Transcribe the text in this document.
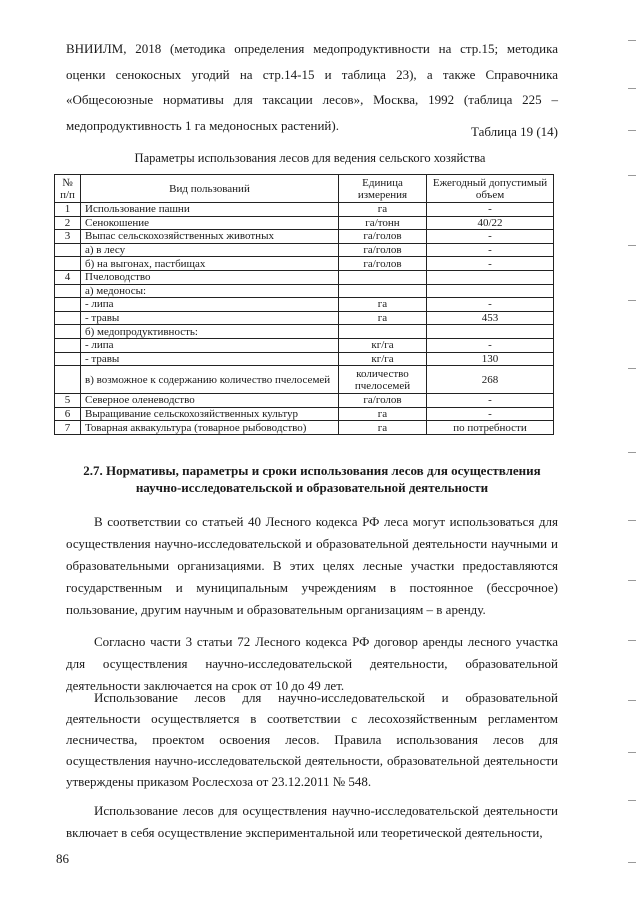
ВНИИЛМ, 2018 (методика определения медопродуктивности на стр.15; методика оценки сенокосных угодий на стр.14-15 и таблица 23), а также Справочника «Общесоюзные нормативы для таксации лесов», Москва, 1992 (таблица 225 – медопродуктивность 1 га медоносных растений).	Таблица 19 (14)
Параметры использования лесов для ведения сельского хозяйства
№ п/п	Вид пользований	Единица измерения	Ежегодный допустимый объем
1	Использование пашни	га	-
2	Сенокошение	га/тонн	40/22
3	Выпас сельскохозяйственных животных	га/голов	-
	а) в лесу	га/голов	-
	б) на выгонах, пастбищах	га/голов	-
4	Пчеловодство		
	а) медоносы:		
	- липа	га	-
	- травы	га	453
	б) медопродуктивность:		
	- липа	кг/га	-
	- травы	кг/га	130
	в) возможное к содержанию количество пчелосемей	количество пчелосемей	268
5	Северное оленеводство	га/голов	-
6	Выращивание сельскохозяйственных культур	га	-
7	Товарная аквакультура (товарное рыбоводство)	га	по потребности
2.7. Нормативы, параметры и сроки использования лесов для осуществления научно-исследовательской и образовательной деятельности
В соответствии со статьей 40 Лесного кодекса РФ леса могут использоваться для осуществления научно-исследовательской и образовательной деятельности научными и образовательными организациями. В этих целях лесные участки предоставляются государственным и муниципальным учреждениям в постоянное (бессрочное) пользование, другим научным и образовательным организациям – в аренду.
Согласно части 3 статьи 72 Лесного кодекса РФ договор аренды лесного участка для осуществления научно-исследовательской деятельности, образовательной деятельности заключается на срок от 10 до 49 лет.
Использование лесов для научно-исследовательской и образовательной деятельности осуществляется в соответствии с лесохозяйственным регламентом лесничества, проектом освоения лесов. Правила использования лесов для осуществления научно-исследовательской деятельности, образовательной деятельности утверждены приказом Рослесхоза от 23.12.2011 № 548.
Использование лесов для осуществления научно-исследовательской деятельности включает в себя осуществление экспериментальной или теоретической деятельности,
86
